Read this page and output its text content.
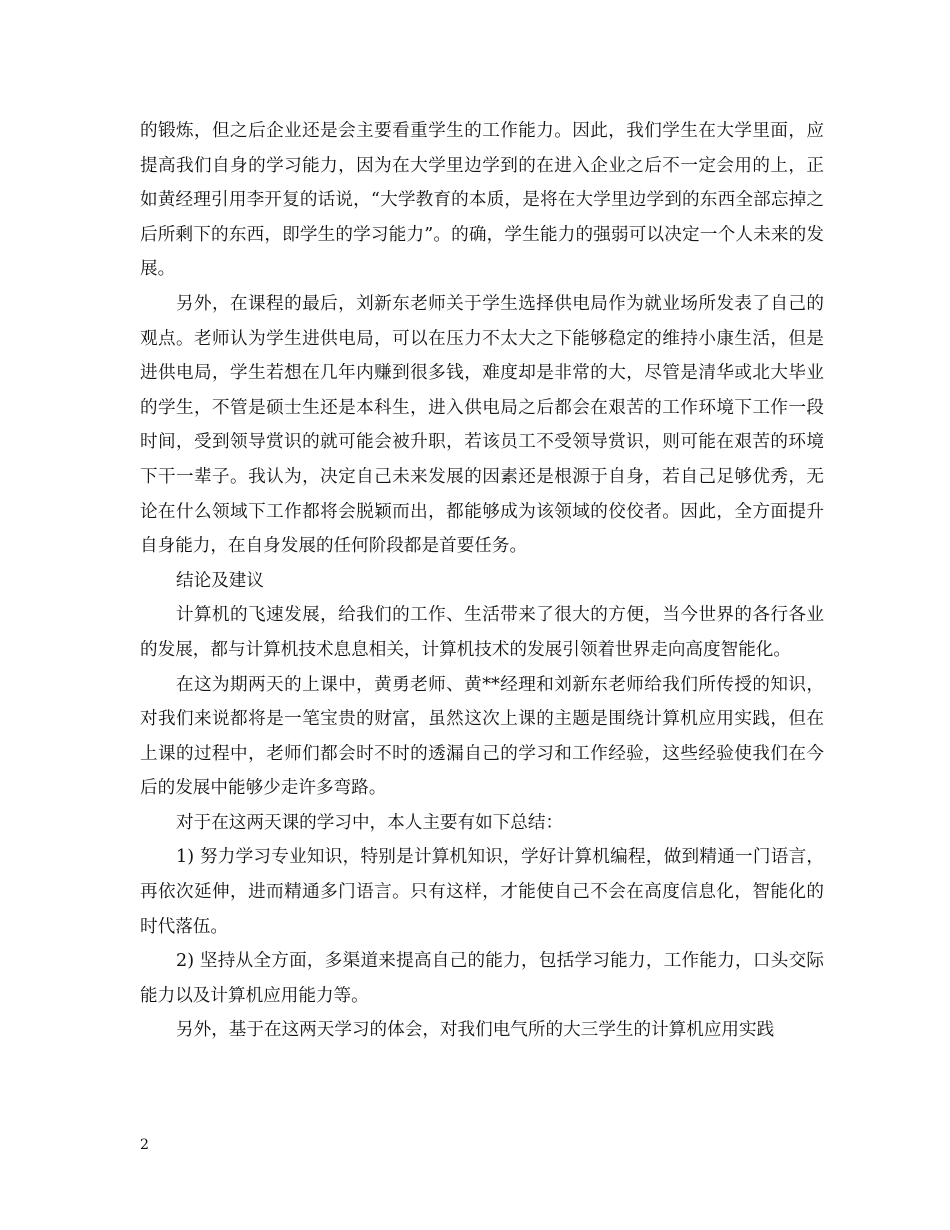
的锻炼，但之后企业还是会主要看重学生的工作能力。因此，我们学生在大学里面，应提高我们自身的学习能力，因为在大学里边学到的在进入企业之后不一定会用的上，正如黄经理引用李开复的话说，“大学教育的本质，是将在大学里边学到的东西全部忘掉之后所剩下的东西，即学生的学习能力”。的确，学生能力的强弱可以决定一个人未来的发展。

另外，在课程的最后，刘新东老师关于学生选择供电局作为就业场所发表了自己的观点。老师认为学生进供电局，可以在压力不太大之下能够稳定的维持小康生活，但是进供电局，学生若想在几年内赚到很多钱，难度却是非常的大，尽管是清华或北大毕业的学生，不管是硕士生还是本科生，进入供电局之后都会在艰苦的工作环境下工作一段时间，受到领导赏识的就可能会被升职，若该员工不受领导赏识，则可能在艰苦的环境下干一辈子。我认为，决定自己未来发展的因素还是根源于自身，若自己足够优秀，无论在什么领域下工作都将会脱颖而出，都能够成为该领域的佼佼者。因此，全方面提升自身能力，在自身发展的任何阶段都是首要任务。

结论及建议

计算机的飞速发展，给我们的工作、生活带来了很大的方便，当今世界的各行各业的发展，都与计算机技术息息相关，计算机技术的发展引领着世界走向高度智能化。

在这为期两天的上课中，黄勇老师、黄**经理和刘新东老师给我们所传授的知识，对我们来说都将是一笔宝贵的财富，虽然这次上课的主题是围绕计算机应用实践，但在上课的过程中，老师们都会时不时的透漏自己的学习和工作经验，这些经验使我们在今后的发展中能够少走许多弯路。

对于在这两天课的学习中，本人主要有如下总结：

1) 努力学习专业知识，特别是计算机知识，学好计算机编程，做到精通一门语言，再依次延伸，进而精通多门语言。只有这样，才能使自己不会在高度信息化，智能化的时代落伍。

2) 坚持从全方面，多渠道来提高自己的能力，包括学习能力，工作能力，口头交际能力以及计算机应用能力等。

另外，基于在这两天学习的体会，对我们电气所的大三学生的计算机应用实践

2
